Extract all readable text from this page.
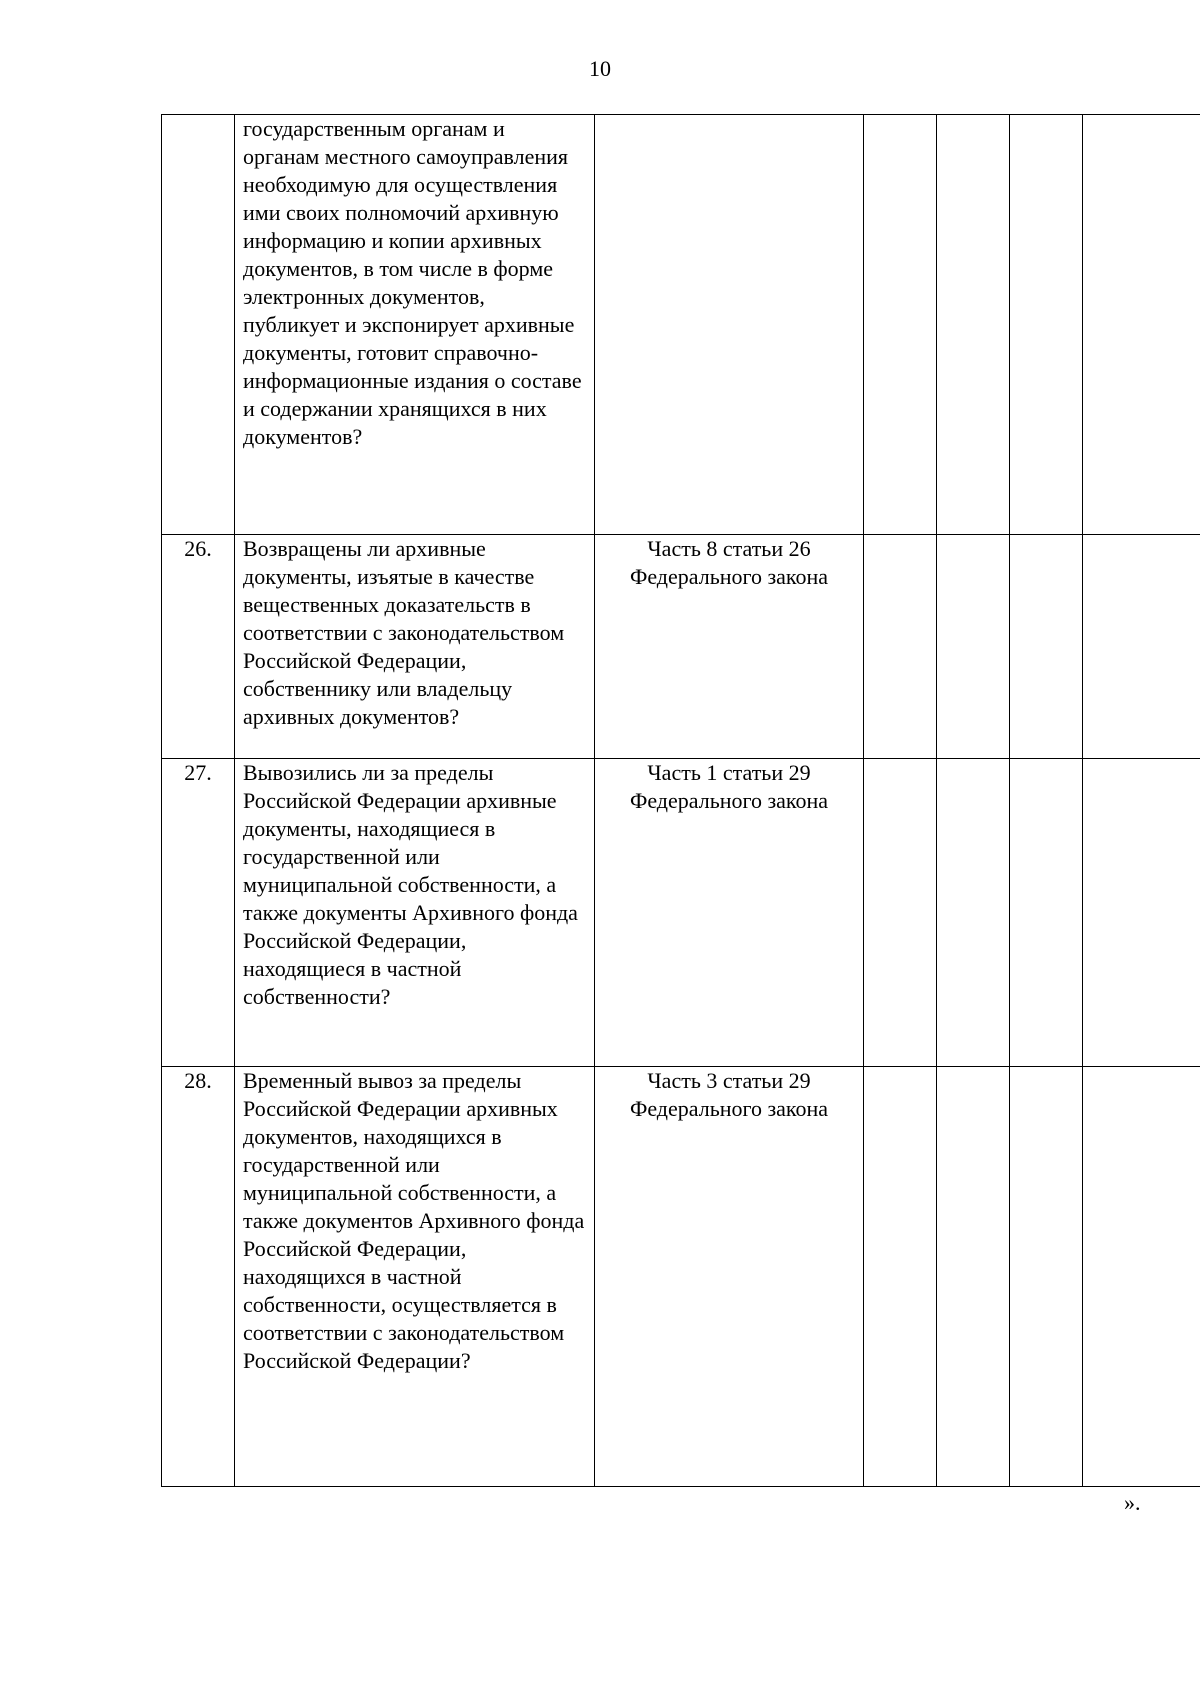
10
	государственным органам и органам местного самоуправления необходимую для осуществления ими своих полномочий архивную информацию и копии архивных документов, в том числе в форме электронных документов, публикует и экспонирует архивные документы, готовит справочно-информационные издания о составе и содержании хранящихся в них документов?					
26.	Возвращены ли архивные документы, изъятые в качестве вещественных доказательств в соответствии с законодательством Российской Федерации, собственнику или владельцу архивных документов?	Часть 8 статьи 26 Федерального закона				
27.	Вывозились ли за пределы Российской Федерации архивные документы, находящиеся в государственной или муниципальной собственности, а также документы Архивного фонда Российской Федерации, находящиеся в частной собственности?	Часть 1 статьи 29 Федерального закона				
28.	Временный вывоз за пределы Российской Федерации архивных документов, находящихся в государственной или муниципальной собственности, а также документов Архивного фонда Российской Федерации, находящихся в частной собственности, осуществляется в соответствии с законодательством Российской Федерации?	Часть 3 статьи 29 Федерального закона				
».
